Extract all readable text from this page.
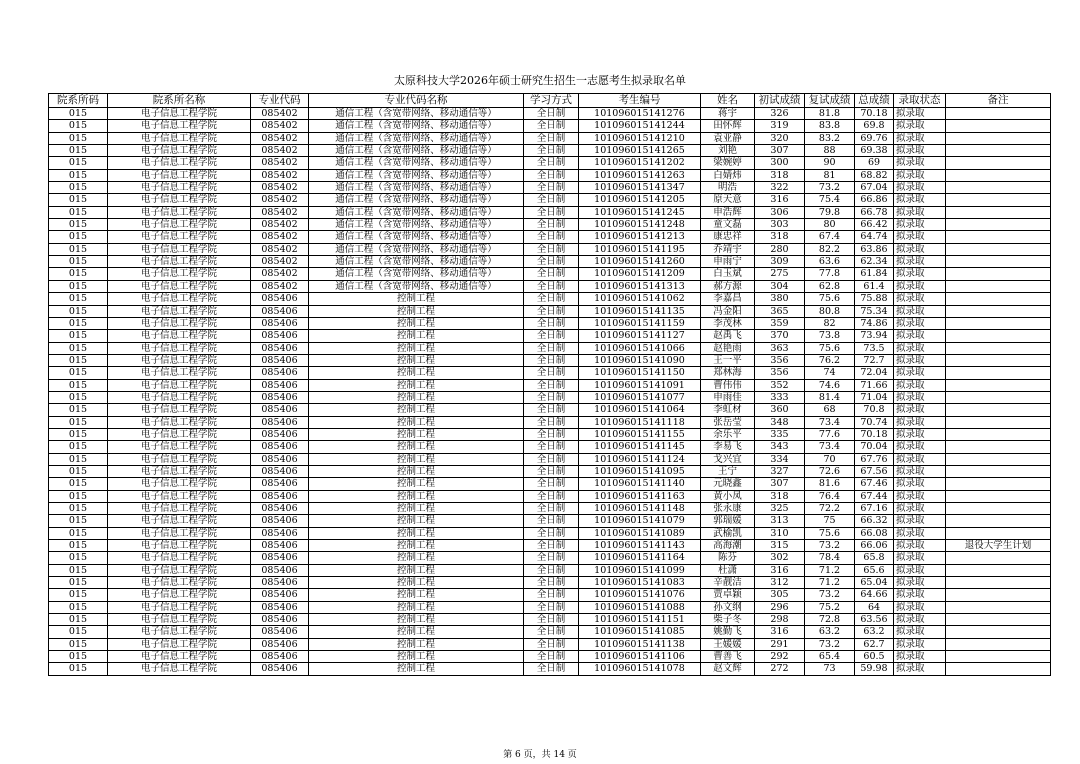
太原科技大学2026年硕士研究生招生一志愿考生拟录取名单
院系所码	院系所名称	专业代码	专业代码名称	学习方式	考生编号	姓名	初试成绩	复试成绩	总成绩	录取状态	备注
015	电子信息工程学院	085402	通信工程（含宽带网络、移动通信等）	全日制	101096015141276	蒋宇	326	81.8	70.18	拟录取	
015	电子信息工程学院	085402	通信工程（含宽带网络、移动通信等）	全日制	101096015141244	田怀辉	319	83.8	69.8	拟录取	
015	电子信息工程学院	085402	通信工程（含宽带网络、移动通信等）	全日制	101096015141210	袁亚静	320	83.2	69.76	拟录取	
015	电子信息工程学院	085402	通信工程（含宽带网络、移动通信等）	全日制	101096015141265	刘艳	307	88	69.38	拟录取	
015	电子信息工程学院	085402	通信工程（含宽带网络、移动通信等）	全日制	101096015141202	梁婉婷	300	90	69	拟录取	
015	电子信息工程学院	085402	通信工程（含宽带网络、移动通信等）	全日制	101096015141263	白婧炜	318	81	68.82	拟录取	
015	电子信息工程学院	085402	通信工程（含宽带网络、移动通信等）	全日制	101096015141347	明浩	322	73.2	67.04	拟录取	
015	电子信息工程学院	085402	通信工程（含宽带网络、移动通信等）	全日制	101096015141205	原天意	316	75.4	66.86	拟录取	
015	电子信息工程学院	085402	通信工程（含宽带网络、移动通信等）	全日制	101096015141245	申浩辉	306	79.8	66.78	拟录取	
015	电子信息工程学院	085402	通信工程（含宽带网络、移动通信等）	全日制	101096015141248	童文磊	303	80	66.42	拟录取	
015	电子信息工程学院	085402	通信工程（含宽带网络、移动通信等）	全日制	101096015141213	康忠祥	318	67.4	64.74	拟录取	
015	电子信息工程学院	085402	通信工程（含宽带网络、移动通信等）	全日制	101096015141195	乔靖宇	280	82.2	63.86	拟录取	
015	电子信息工程学院	085402	通信工程（含宽带网络、移动通信等）	全日制	101096015141260	申雨宁	309	63.6	62.34	拟录取	
015	电子信息工程学院	085402	通信工程（含宽带网络、移动通信等）	全日制	101096015141209	白玉斌	275	77.8	61.84	拟录取	
015	电子信息工程学院	085402	通信工程（含宽带网络、移动通信等）	全日制	101096015141313	郝方源	304	62.8	61.4	拟录取	
015	电子信息工程学院	085406	控制工程	全日制	101096015141062	李嘉昌	380	75.6	75.88	拟录取	
015	电子信息工程学院	085406	控制工程	全日制	101096015141135	冯金阳	365	80.8	75.34	拟录取	
015	电子信息工程学院	085406	控制工程	全日制	101096015141159	李茂林	359	82	74.86	拟录取	
015	电子信息工程学院	085406	控制工程	全日制	101096015141127	赵禹飞	370	73.8	73.94	拟录取	
015	电子信息工程学院	085406	控制工程	全日制	101096015141066	赵艳雨	363	75.6	73.5	拟录取	
015	电子信息工程学院	085406	控制工程	全日制	101096015141090	王一平	356	76.2	72.7	拟录取	
015	电子信息工程学院	085406	控制工程	全日制	101096015141150	郑林海	356	74	72.04	拟录取	
015	电子信息工程学院	085406	控制工程	全日制	101096015141091	曹伟伟	352	74.6	71.66	拟录取	
015	电子信息工程学院	085406	控制工程	全日制	101096015141077	申雨佳	333	81.4	71.04	拟录取	
015	电子信息工程学院	085406	控制工程	全日制	101096015141064	李虹材	360	68	70.8	拟录取	
015	电子信息工程学院	085406	控制工程	全日制	101096015141118	张岳莹	348	73.4	70.74	拟录取	
015	电子信息工程学院	085406	控制工程	全日制	101096015141155	余乐平	335	77.6	70.18	拟录取	
015	电子信息工程学院	085406	控制工程	全日制	101096015141145	李易飞	343	73.4	70.04	拟录取	
015	电子信息工程学院	085406	控制工程	全日制	101096015141124	戈兴宜	334	70	67.76	拟录取	
015	电子信息工程学院	085406	控制工程	全日制	101096015141095	王宁	327	72.6	67.56	拟录取	
015	电子信息工程学院	085406	控制工程	全日制	101096015141140	元晓鑫	307	81.6	67.46	拟录取	
015	电子信息工程学院	085406	控制工程	全日制	101096015141163	黄小凤	318	76.4	67.44	拟录取	
015	电子信息工程学院	085406	控制工程	全日制	101096015141148	张永康	325	72.2	67.16	拟录取	
015	电子信息工程学院	085406	控制工程	全日制	101096015141079	郭瑞媛	313	75	66.32	拟录取	
015	电子信息工程学院	085406	控制工程	全日制	101096015141089	武榆凯	310	75.6	66.08	拟录取	
015	电子信息工程学院	085406	控制工程	全日制	101096015141143	高海潮	315	73.2	66.06	拟录取	退役大学生计划
015	电子信息工程学院	085406	控制工程	全日制	101096015141164	陈芬	302	78.4	65.8	拟录取	
015	电子信息工程学院	085406	控制工程	全日制	101096015141099	杜潇	316	71.2	65.6	拟录取	
015	电子信息工程学院	085406	控制工程	全日制	101096015141083	辛靓洁	312	71.2	65.04	拟录取	
015	电子信息工程学院	085406	控制工程	全日制	101096015141076	贾卓颖	305	73.2	64.66	拟录取	
015	电子信息工程学院	085406	控制工程	全日制	101096015141088	孙文纲	296	75.2	64	拟录取	
015	电子信息工程学院	085406	控制工程	全日制	101096015141151	柴子冬	298	72.8	63.56	拟录取	
015	电子信息工程学院	085406	控制工程	全日制	101096015141085	姚勤飞	316	63.2	63.2	拟录取	
015	电子信息工程学院	085406	控制工程	全日制	101096015141138	王媛媛	291	73.2	62.7	拟录取	
015	电子信息工程学院	085406	控制工程	全日制	101096015141106	曹善飞	292	65.4	60.5	拟录取	
015	电子信息工程学院	085406	控制工程	全日制	101096015141078	赵文辉	272	73	59.98	拟录取	
第 6 页，共 14 页
